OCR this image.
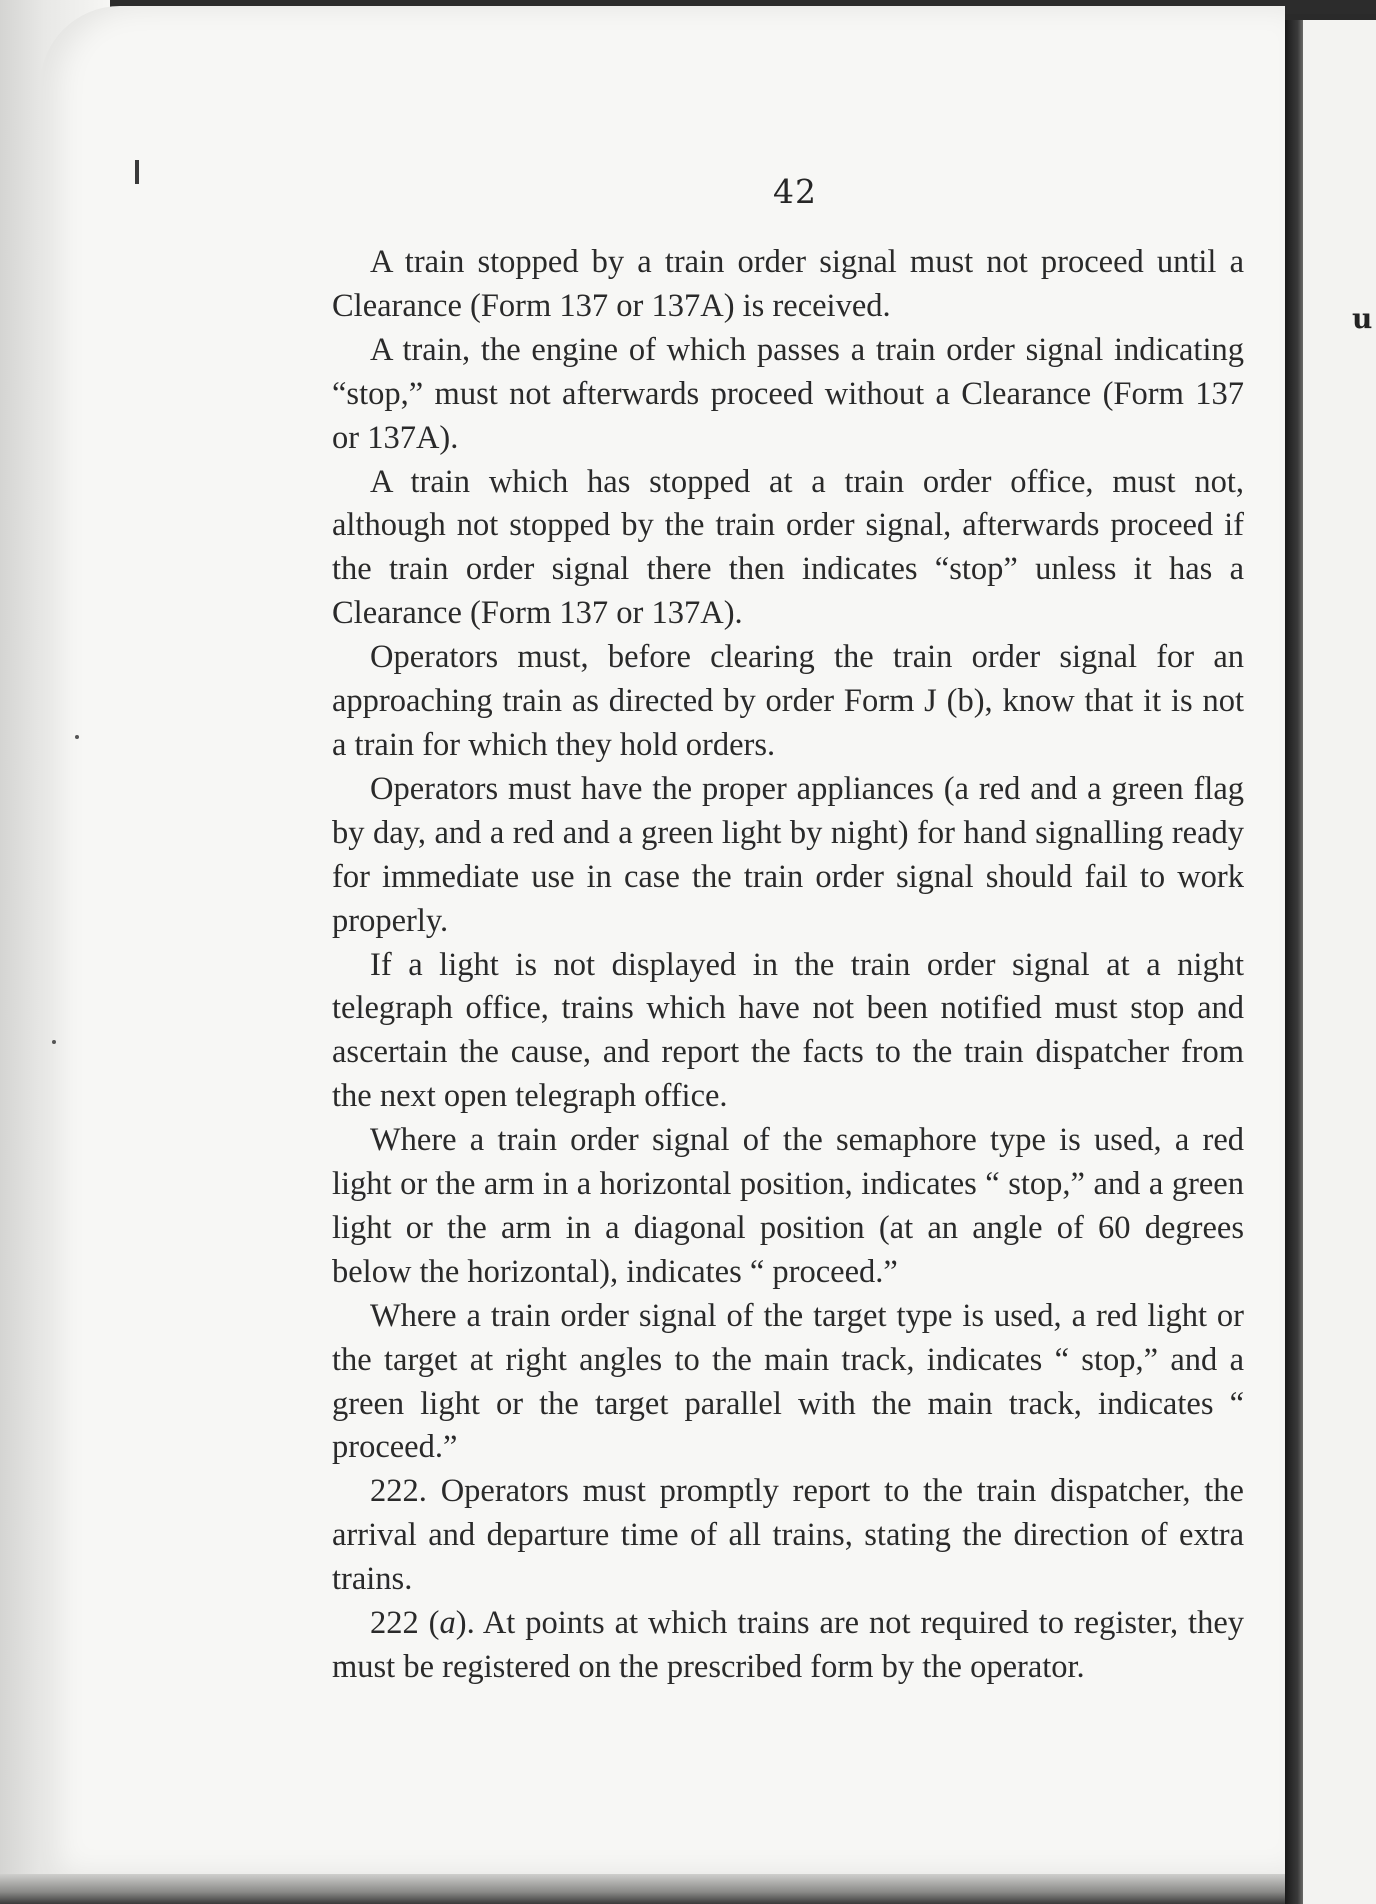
u
42

A train stopped by a train order signal must not proceed until a Clearance (Form 137 or 137A) is received.

A train, the engine of which passes a train order signal indicating “stop,” must not afterwards proceed without a Clearance (Form 137 or 137A).

A train which has stopped at a train order office, must not, although not stopped by the train order signal, afterwards proceed if the train order signal there then indicates “stop” unless it has a Clearance (Form 137 or 137A).

Operators must, before clearing the train order signal for an approaching train as directed by order Form J (b), know that it is not a train for which they hold orders.

Operators must have the proper appliances (a red and a green flag by day, and a red and a green light by night) for hand signalling ready for immediate use in case the train order signal should fail to work properly.

If a light is not displayed in the train order signal at a night telegraph office, trains which have not been notified must stop and ascertain the cause, and report the facts to the train dispatcher from the next open telegraph office.

Where a train order signal of the semaphore type is used, a red light or the arm in a horizontal position, indicates “ stop,” and a green light or the arm in a diagonal position (at an angle of 60 degrees below the horizontal), indicates “ proceed.”

Where a train order signal of the target type is used, a red light or the target at right angles to the main track, indicates “ stop,” and a green light or the target parallel with the main track, indicates “ proceed.”

222. Operators must promptly report to the train dispatcher, the arrival and departure time of all trains, stating the direction of extra trains.

222 (a). At points at which trains are not required to register, they must be registered on the prescribed form by the operator.
